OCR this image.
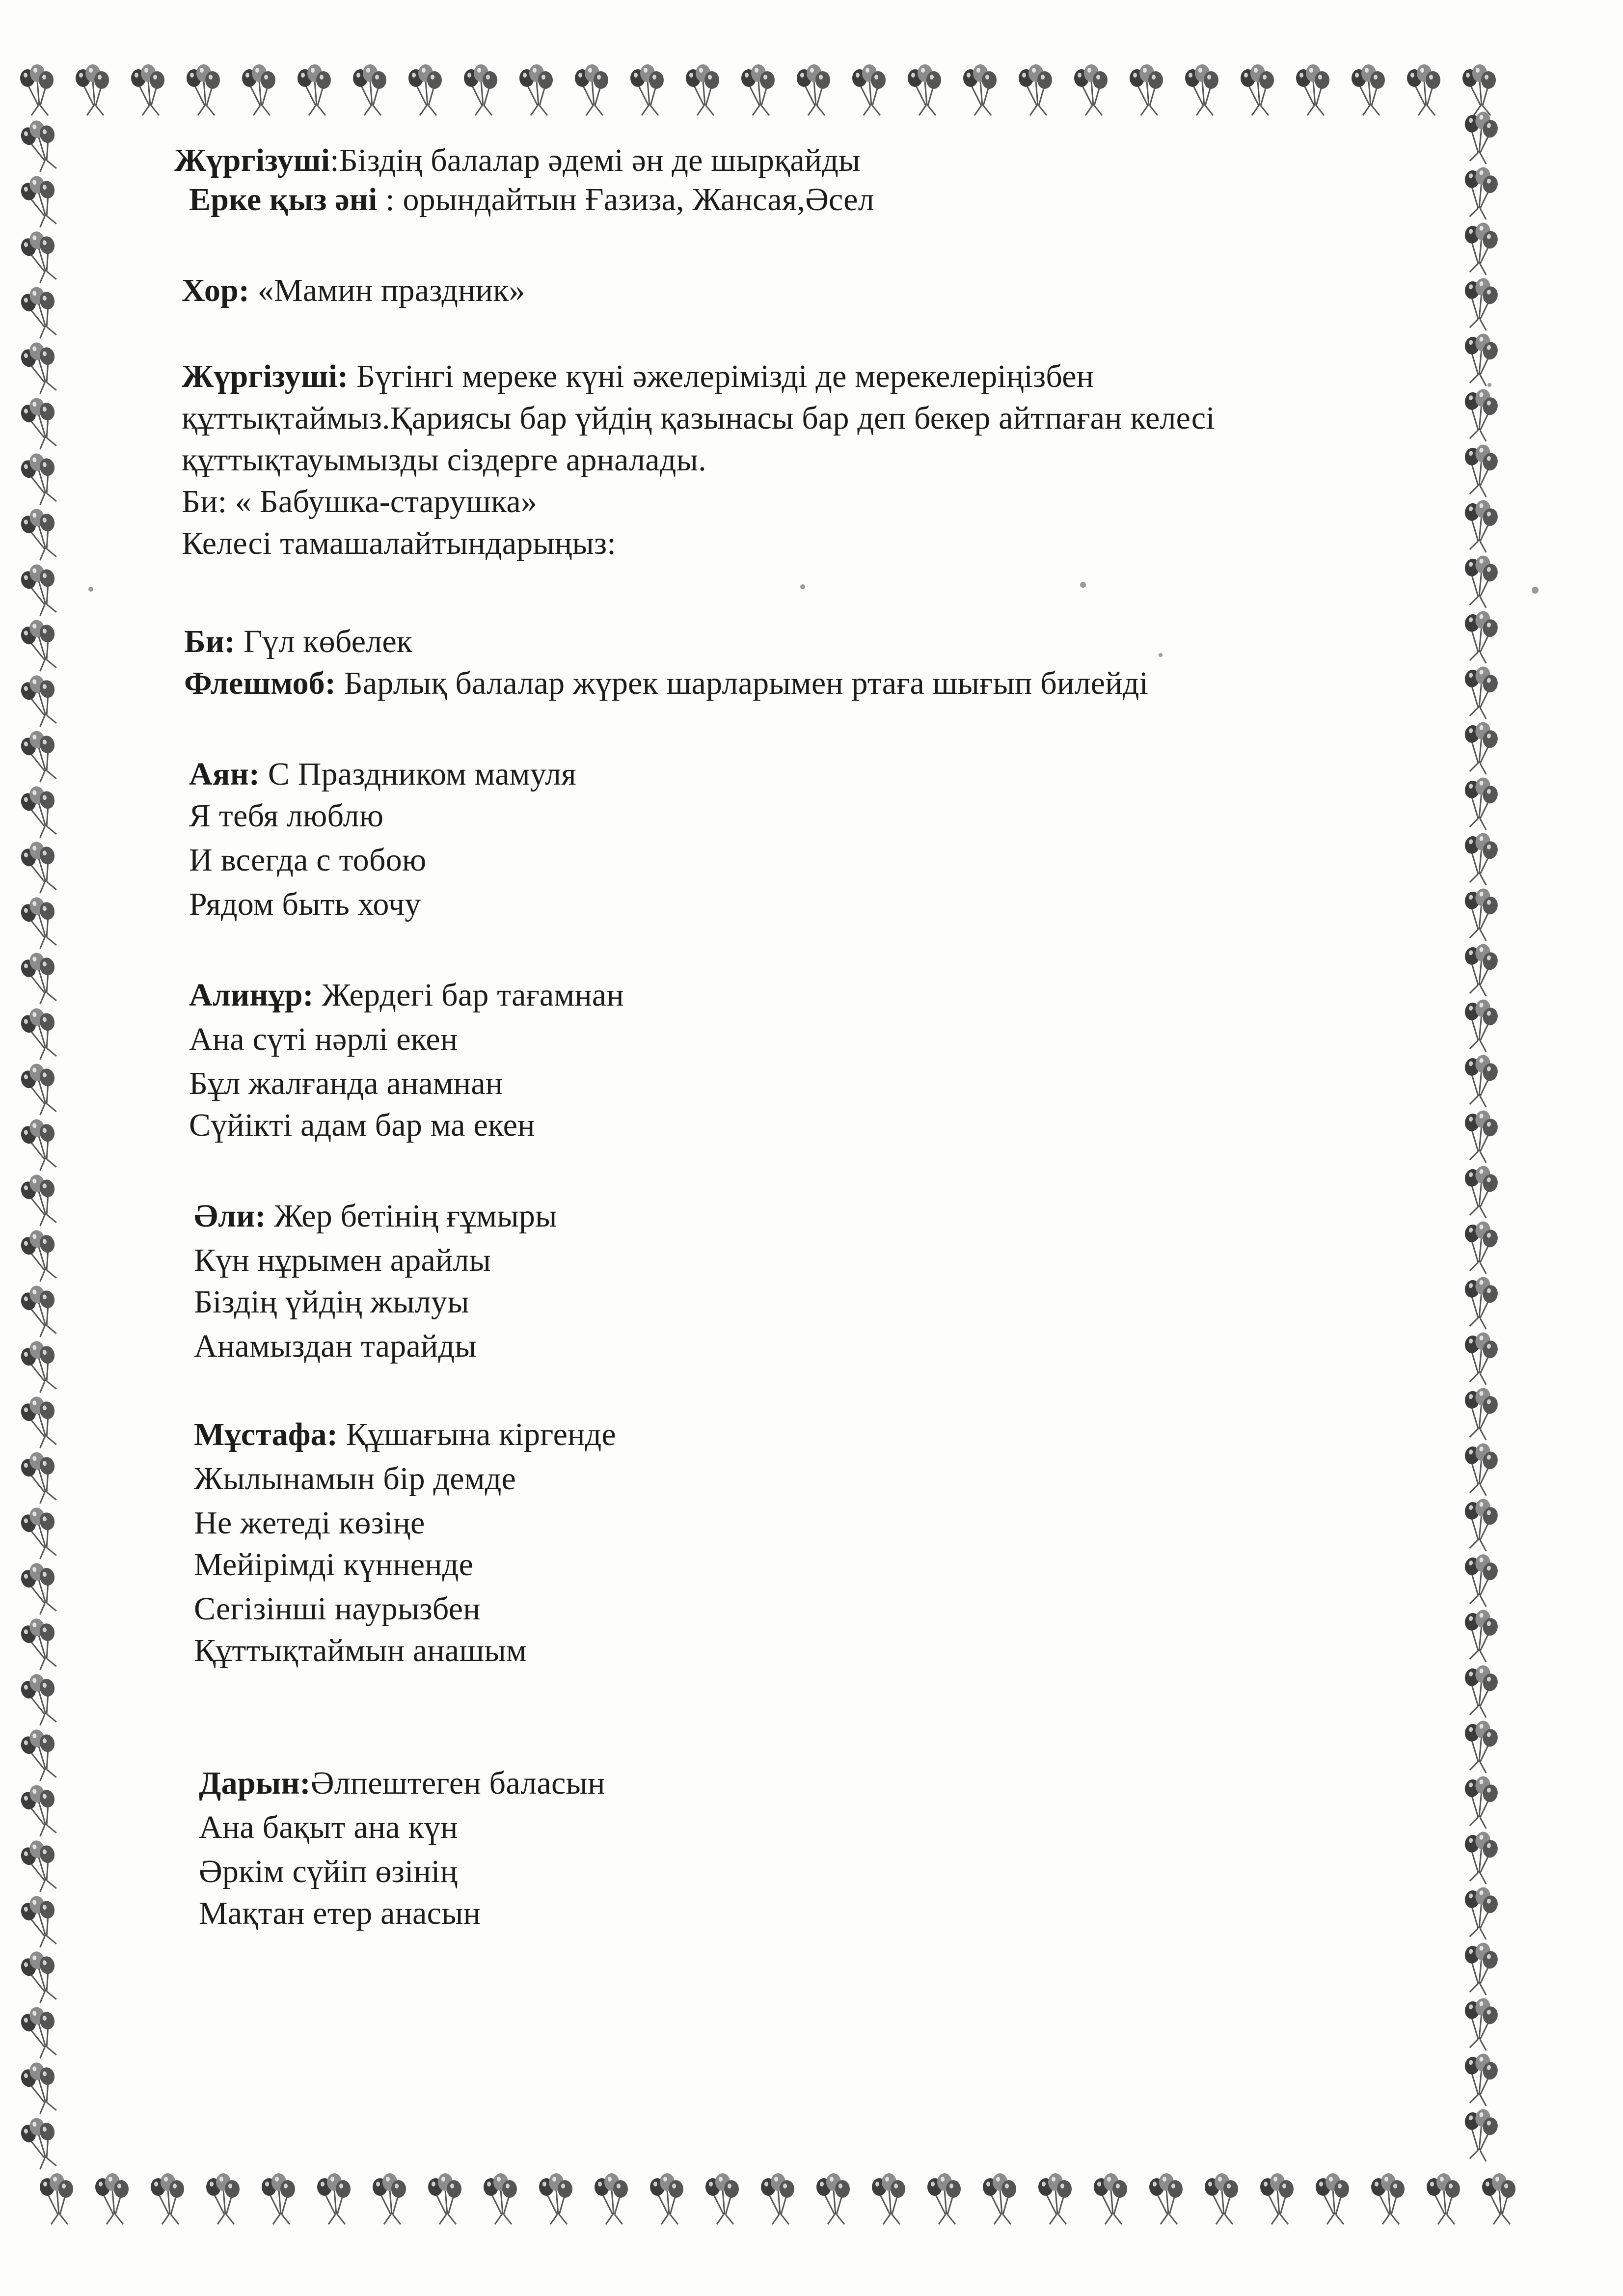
Жүргізуші:Біздің балалар әдемі ән де шырқайды

Ерке қыз әні : орындайтын Ғазиза, Жансая,Әсел

Хор: «Мамин праздник»

Жүргізуші: Бүгінгі мереке күні әжелерімізді де мерекелеріңізбен

құттықтаймыз.Қариясы бар үйдің қазынасы бар деп бекер айтпаған келесі

құттықтауымызды сіздерге арналады.

Би: « Бабушка-старушка»

Келесі тамашалайтындарыңыз:

Би: Гүл көбелек

Флешмоб: Барлық балалар жүрек шарларымен ртаға шығып билейді

Аян: С Праздником мамуля

Я тебя люблю

И всегда с тобою

Рядом быть хочу

Алинұр: Жердегі бар тағамнан

Ана сүті нәрлі екен

Бұл жалғанда анамнан

Сүйікті адам бар ма екен

Әли: Жер бетінің ғұмыры

Күн нұрымен арайлы

Біздің үйдің жылуы

Анамыздан тарайды

Мұстафа: Құшағына кіргенде

Жылынамын бір демде

Не жетеді көзіңе

Мейірімді күнненде

Сегізінші наурызбен

Құттықтаймын анашым

Дарын:Әлпештеген баласын

Ана бақыт ана күн

Әркім сүйіп өзінің

Мақтан етер анасын
